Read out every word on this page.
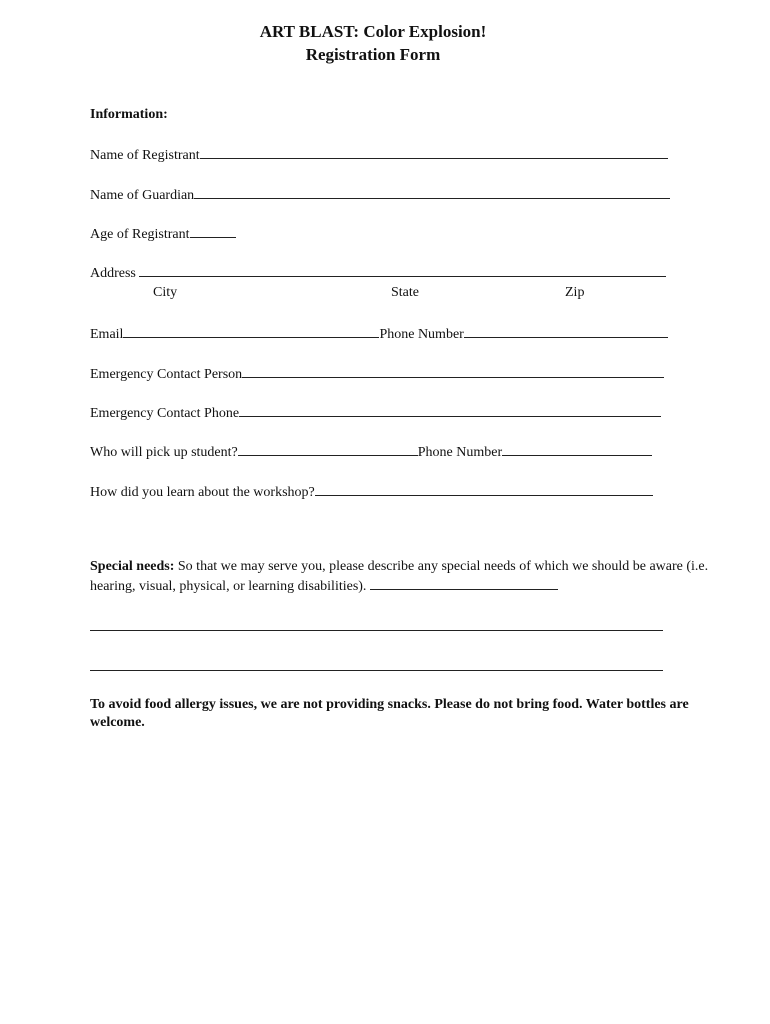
ART BLAST: Color Explosion!
Registration Form
Information:
Name of Registrant
Name of Guardian
Age of Registrant
Address
City	State	Zip
Email	Phone Number
Emergency Contact Person
Emergency Contact Phone
Who will pick up student?	Phone Number
How did you learn about the workshop?
Special needs: So that we may serve you, please describe any special needs of which we should be aware (i.e. hearing, visual, physical, or learning disabilities).
To avoid food allergy issues, we are not providing snacks. Please do not bring food. Water bottles are welcome.
